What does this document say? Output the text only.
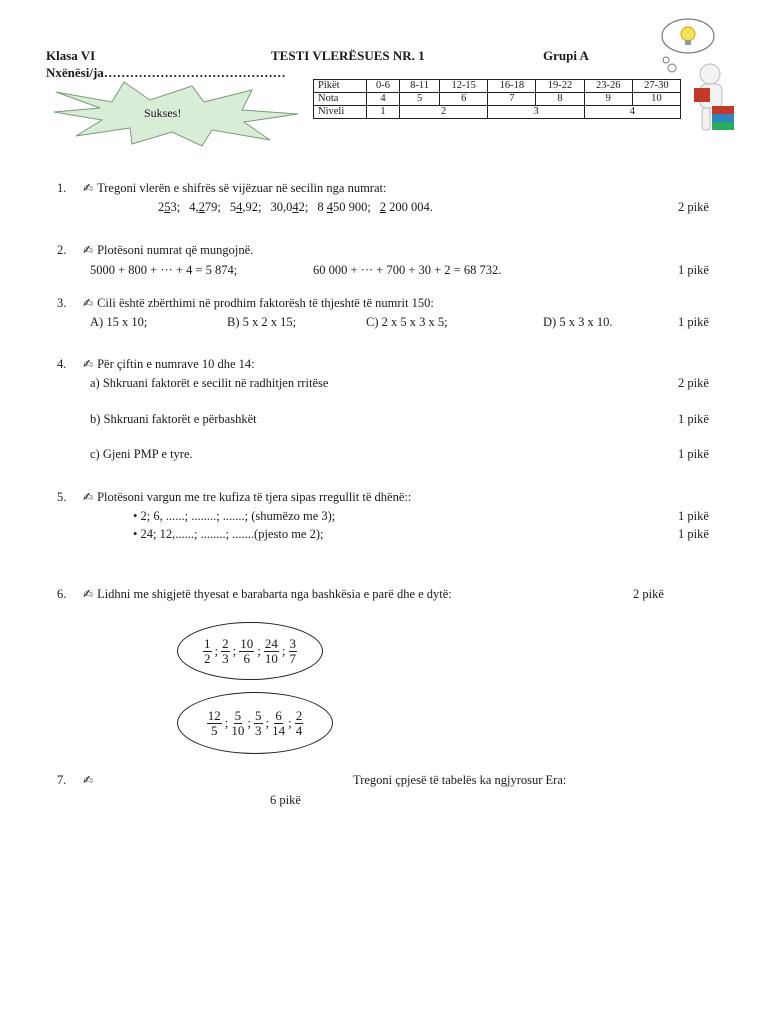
Klasa VI	TESTI VLERËSUES NR. 1	Grupi A
Nxënësi/ja……………………………………
Sukses!
Pikët	0-6	8-11	12-15	16-18	19-22	23-26	27-30
Nota	4	5	6	7	8	9	10
Niveli	1	2		3		4	
1. ✍ Tregoni vlerën e shifrës së vijëzuar në secilin nga numrat:
253; 4,279; 54,92; 30,042; 8 450 900; 2 200 004.	2 pikë
2. ✍ Plotësoni numrat që mungojnë.
5000 + 800 + ··· + 4 = 5 874;	60 000 + ··· + 700 + 30 + 2 = 68 732.	1 pikë
3. ✍ Cili është zbërthimi në prodhim faktorësh të thjeshtë të numrit 150:
A) 15 x 10;	B) 5 x 2 x 15;	C) 2 x 5 x 3 x 5;	D) 5 x 3 x 10.	1 pikë
4. ✍ Për çiftin e numrave 10 dhe 14:
a) Shkruani faktorët e secilit në radhitjen rritëse	2 pikë
b) Shkruani faktorët e përbashkët	1 pikë
c) Gjeni PMP e tyre.	1 pikë
5. ✍ Plotësoni vargun me tre kufiza të tjera sipas rregullit të dhënë::
• 2; 6, ......; ........; .......; (shumëzo me 3);	1 pikë
• 24; 12,......; ........; .......(pjesto me 2);	1 pikë
6. ✍ Lidhni me shigjetë thyesat e barabarta nga bashkësia e parë dhe e dytë:	2 pikë
$\frac{1}{2}$ ; $\frac{2}{3}$ ; $\frac{10}{6}$ ; $\frac{24}{10}$ ; $\frac{3}{7}$
$\frac{12}{5}$ ; $\frac{5}{10}$ ; $\frac{5}{3}$ ; $\frac{6}{14}$ ; $\frac{2}{4}$
7. ✍	Tregoni çpjesë të tabelës ka ngjyrosur Era:
6 pikë
